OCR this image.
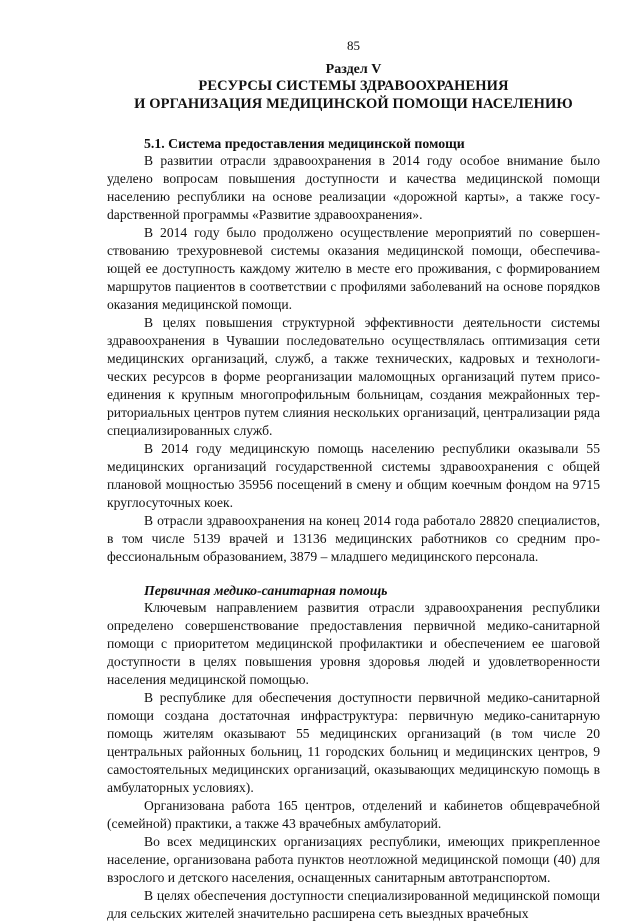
85
Раздел V
РЕСУРСЫ СИСТЕМЫ ЗДРАВООХРАНЕНИЯ
И ОРГАНИЗАЦИЯ МЕДИЦИНСКОЙ ПОМОЩИ НАСЕЛЕНИЮ
5.1. Система предоставления медицинской помощи

В развитии отрасли здравоохранения в 2014 году особое внимание было уделено вопросам повышения доступности и качества медицинской помощи населению республики на основе реализации «дорожной карты», а также госуdарственной программы «Развитие здравоохранения».

В 2014 году было продолжено осуществление мероприятий по совершенствованию трехуровневой системы оказания медицинской помощи, обеспечивающей ее доступность каждому жителю в месте его проживания, с формированием маршрутов пациентов в соответствии с профилями заболеваний на основе порядков оказания медицинской помощи.

В целях повышения структурной эффективности деятельности системы здравоохранения в Чувашии последовательно осуществлялась оптимизация сети медицинских организаций, служб, а также технических, кадровых и технологических ресурсов в форме реорганизации маломощных организаций путем присоединения к крупным многопрофильным больницам, создания межрайонных территориальных центров путем слияния нескольких организаций, централизации ряда специализированных служб.

В 2014 году медицинскую помощь населению республики оказывали 55 медицинских организаций государственной системы здравоохранения с общей плановой мощностью 35956 посещений в смену и общим коечным фондом на 9715 круглосуточных коек.

В отрасли здравоохранения на конец 2014 года работало 28820 специалистов, в том числе 5139 врачей и 13136 медицинских работников со средним профессиональным образованием, 3879 – младшего медицинского персонала.

Первичная медико-санитарная помощь

Ключевым направлением развития отрасли здравоохранения республики определено совершенствование предоставления первичной медико-санитарной помощи с приоритетом медицинской профилактики и обеспечением ее шаговой доступности в целях повышения уровня здоровья людей и удовлетворенности населения медицинской помощью.

В республике для обеспечения доступности первичной медико-санитарной помощи создана достаточная инфраструктура: первичную медико-санитарную помощь жителям оказывают 55 медицинских организаций (в том числе 20 центральных районных больниц, 11 городских больниц и медицинских центров, 9 самостоятельных медицинских организаций, оказывающих медицинскую помощь в амбулаторных условиях).

Организована работа 165 центров, отделений и кабинетов общеврачебной (семейной) практики, а также 43 врачебных амбулаторий.

Во всех медицинских организациях республики, имеющих прикрепленное население, организована работа пунктов неотложной медицинской помощи (40) для взрослого и детского населения, оснащенных санитарным автотранспортом.

В целях обеспечения доступности специализированной медицинской помощи для сельских жителей значительно расширена сеть выездных врачебных
